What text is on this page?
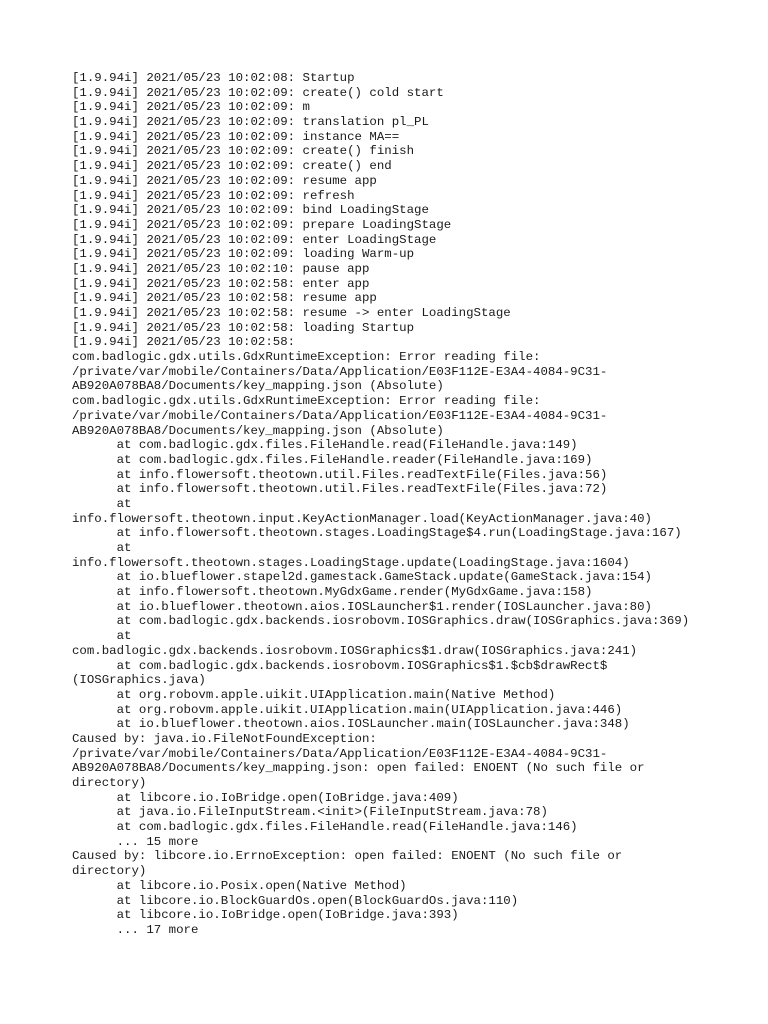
[1.9.94i] 2021/05/23 10:02:08: Startup
[1.9.94i] 2021/05/23 10:02:09: create() cold start
[1.9.94i] 2021/05/23 10:02:09: m
[1.9.94i] 2021/05/23 10:02:09: translation pl_PL
[1.9.94i] 2021/05/23 10:02:09: instance MA==
[1.9.94i] 2021/05/23 10:02:09: create() finish
[1.9.94i] 2021/05/23 10:02:09: create() end
[1.9.94i] 2021/05/23 10:02:09: resume app
[1.9.94i] 2021/05/23 10:02:09: refresh
[1.9.94i] 2021/05/23 10:02:09: bind LoadingStage
[1.9.94i] 2021/05/23 10:02:09: prepare LoadingStage
[1.9.94i] 2021/05/23 10:02:09: enter LoadingStage
[1.9.94i] 2021/05/23 10:02:09: loading Warm-up
[1.9.94i] 2021/05/23 10:02:10: pause app
[1.9.94i] 2021/05/23 10:02:58: enter app
[1.9.94i] 2021/05/23 10:02:58: resume app
[1.9.94i] 2021/05/23 10:02:58: resume -> enter LoadingStage
[1.9.94i] 2021/05/23 10:02:58: loading Startup
[1.9.94i] 2021/05/23 10:02:58:
com.badlogic.gdx.utils.GdxRuntimeException: Error reading file:
/private/var/mobile/Containers/Data/Application/E03F112E-E3A4-4084-9C31-
AB920A078BA8/Documents/key_mapping.json (Absolute)
com.badlogic.gdx.utils.GdxRuntimeException: Error reading file:
/private/var/mobile/Containers/Data/Application/E03F112E-E3A4-4084-9C31-
AB920A078BA8/Documents/key_mapping.json (Absolute)
at com.badlogic.gdx.files.FileHandle.read(FileHandle.java:149)
at com.badlogic.gdx.files.FileHandle.reader(FileHandle.java:169)
at info.flowersoft.theotown.util.Files.readTextFile(Files.java:56)
at info.flowersoft.theotown.util.Files.readTextFile(Files.java:72)
at
info.flowersoft.theotown.input.KeyActionManager.load(KeyActionManager.java:40)
at info.flowersoft.theotown.stages.LoadingStage$4.run(LoadingStage.java:167)
at
info.flowersoft.theotown.stages.LoadingStage.update(LoadingStage.java:1604)
at io.blueflower.stapel2d.gamestack.GameStack.update(GameStack.java:154)
at info.flowersoft.theotown.MyGdxGame.render(MyGdxGame.java:158)
at io.blueflower.theotown.aios.IOSLauncher$1.render(IOSLauncher.java:80)
at com.badlogic.gdx.backends.iosrobovm.IOSGraphics.draw(IOSGraphics.java:369)
at
com.badlogic.gdx.backends.iosrobovm.IOSGraphics$1.draw(IOSGraphics.java:241)
at com.badlogic.gdx.backends.iosrobovm.IOSGraphics$1.$cb$drawRect$
(IOSGraphics.java)
at org.robovm.apple.uikit.UIApplication.main(Native Method)
at org.robovm.apple.uikit.UIApplication.main(UIApplication.java:446)
at io.blueflower.theotown.aios.IOSLauncher.main(IOSLauncher.java:348)
Caused by: java.io.FileNotFoundException:
/private/var/mobile/Containers/Data/Application/E03F112E-E3A4-4084-9C31-
AB920A078BA8/Documents/key_mapping.json: open failed: ENOENT (No such file or
directory)
at libcore.io.IoBridge.open(IoBridge.java:409)
at java.io.FileInputStream.<init>(FileInputStream.java:78)
at com.badlogic.gdx.files.FileHandle.read(FileHandle.java:146)
... 15 more
Caused by: libcore.io.ErrnoException: open failed: ENOENT (No such file or
directory)
at libcore.io.Posix.open(Native Method)
at libcore.io.BlockGuardOs.open(BlockGuardOs.java:110)
at libcore.io.IoBridge.open(IoBridge.java:393)
... 17 more
